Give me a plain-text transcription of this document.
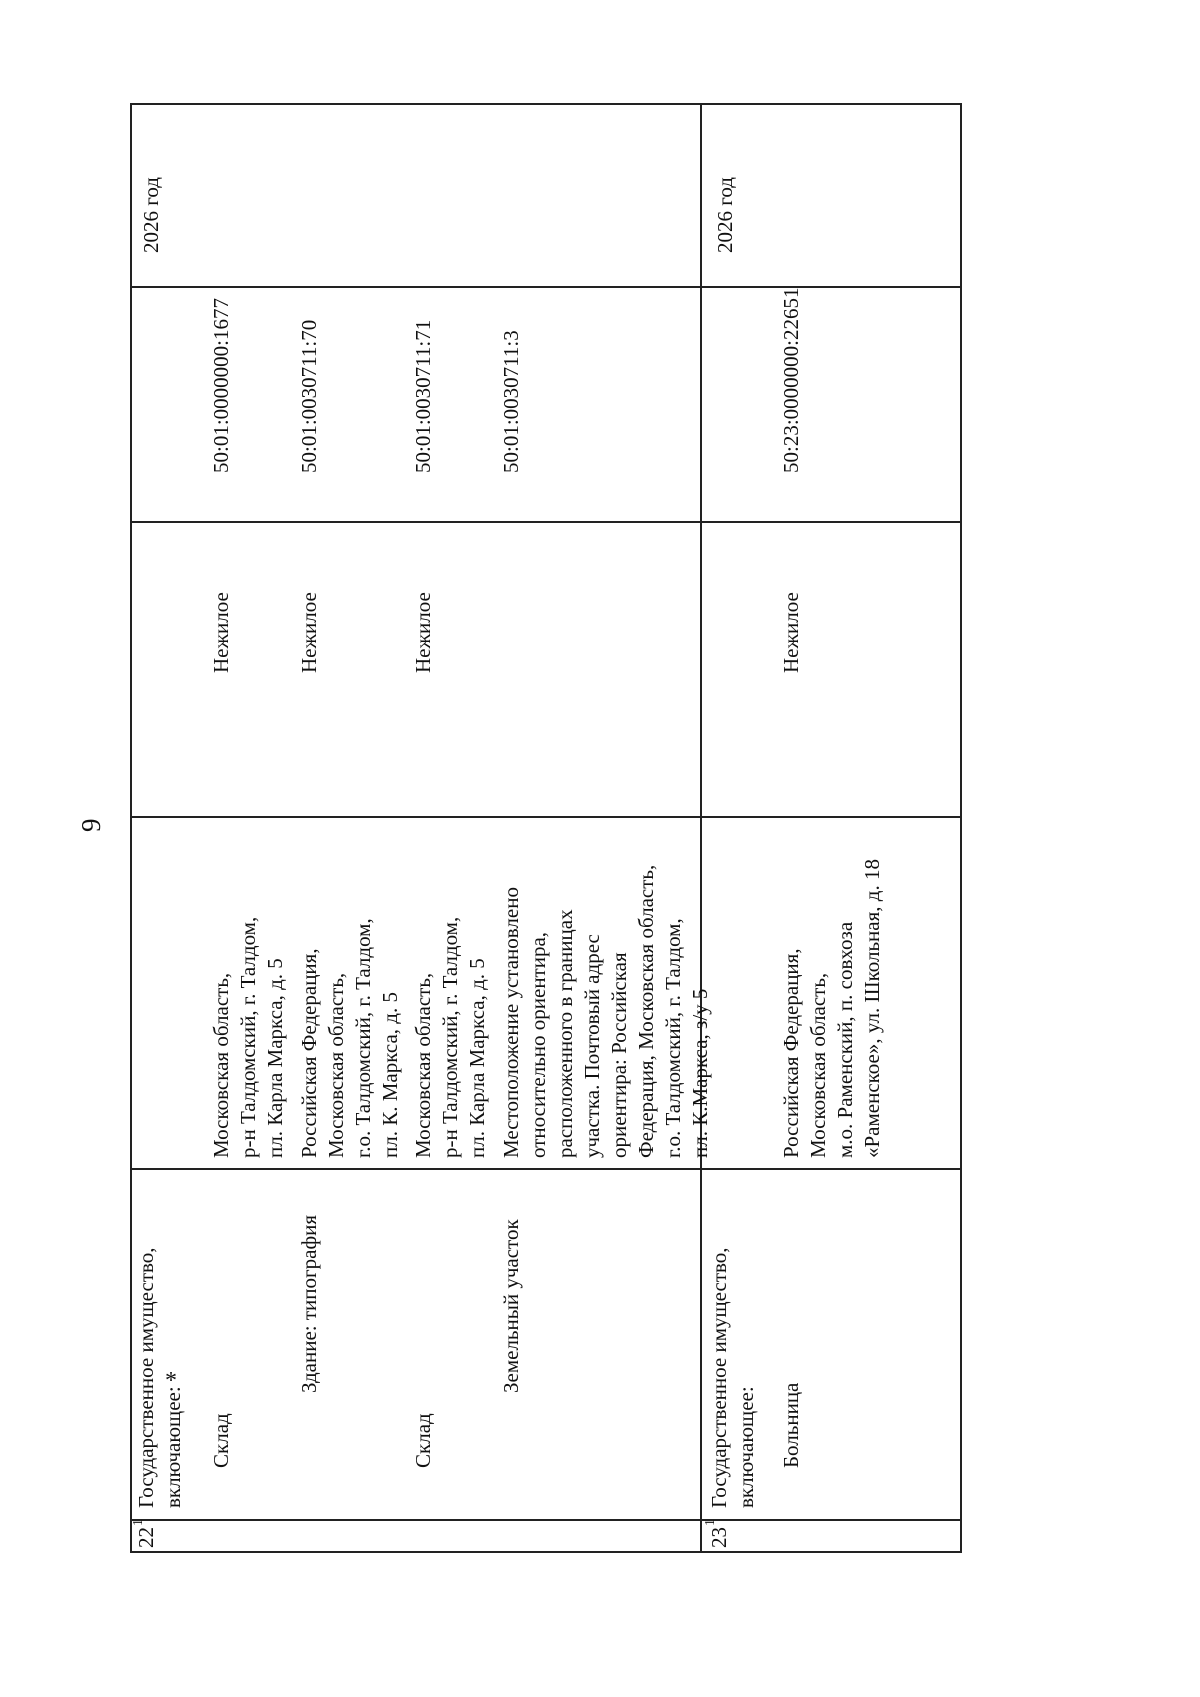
9
22
1
Государственное имущество, включающее: Склад
Московская область, р-н Талдомский, г. Талдом, пл. Карла Маркса, д. 5
Нежилое
50:01:0000000:1677
Здание: типография
Российская Федерация, Московская область, г.о. Талдомский, г. Талдом, пл. К. Маркса, д. 5
Нежилое
50:01:0030711:70
Склад
Московская область, р-н Талдомский, г. Талдом, пл. Карла Маркса, д. 5
Нежилое
50:01:0030711:71
Земельный участок
Местоположение установлено относительно ориентира, расположенного в границах участка. Почтовый адрес ориентира: Российская Федерация, Московская область, г.о. Талдомский, г. Талдом, пл. К.Маркса, з/у 5
50:01:0030711:3
2026 год
23
1
Государственное имущество, включающее: Больница
Российская Федерация, Московская область, м.о. Раменский, п. совхоза «Раменское», ул. Школьная, д. 18
Нежилое
50:23:0000000:22651
2026 год
*
